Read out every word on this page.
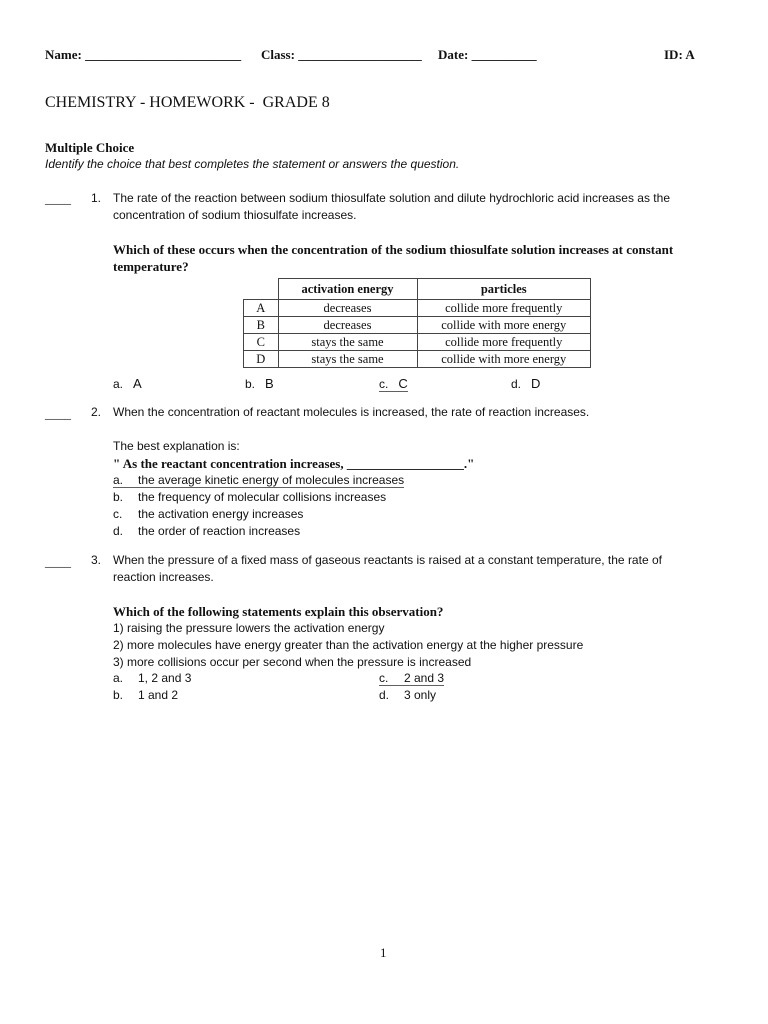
Name: ________________________ Class: ___________________ Date: __________	ID: A
CHEMISTRY - HOMEWORK -  GRADE 8
Multiple Choice
Identify the choice that best completes the statement or answers the question.
____ 1. The rate of the reaction between sodium thiosulfate solution and dilute hydrochloric acid increases as the
concentration of sodium thiosulfate increases.
Which of these occurs when the concentration of the sodium thiosulfate solution increases at constant
temperature?
	activation energy	particles
A	decreases	collide more frequently
B	decreases	collide with more energy
C	stays the same	collide more frequently
D	stays the same	collide with more energy
a. A	b. B	c. C	d. D
____ 2. When the concentration of reactant molecules is increased, the rate of reaction increases.
The best explanation is:
" As the reactant concentration increases, __________________."
a. the average kinetic energy of molecules increases
b. the frequency of molecular collisions increases
c. the activation energy increases
d. the order of reaction increases
____ 3. When the pressure of a fixed mass of gaseous reactants is raised at a constant temperature, the rate of
reaction increases.
Which of the following statements explain this observation?
1) raising the pressure lowers the activation energy
2) more molecules have energy greater than the activation energy at the higher pressure
3) more collisions occur per second when the pressure is increased
a. 1, 2 and 3
b. 1 and 2
c. 2 and 3
d. 3 only
1
